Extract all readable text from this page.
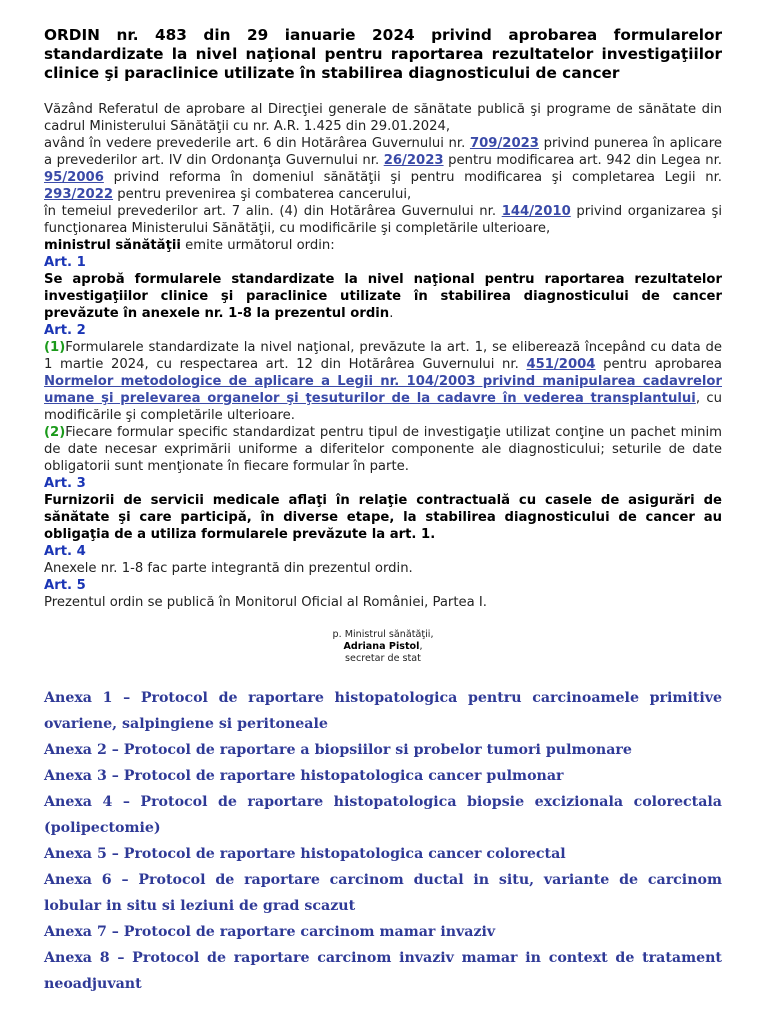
ORDIN nr. 483 din 29 ianuarie 2024 privind aprobarea formularelor standardizate la nivel naţional pentru raportarea rezultatelor investigaţiilor clinice şi paraclinice utilizate în stabilirea diagnosticului de cancer

Văzând Referatul de aprobare al Direcţiei generale de sănătate publică şi programe de sănătate din cadrul Ministerului Sănătăţii cu nr. A.R. 1.425 din 29.01.2024,

având în vedere prevederile art. 6 din Hotărârea Guvernului nr. 709/2023 privind punerea în aplicare a prevederilor art. IV din Ordonanţa Guvernului nr. 26/2023 pentru modificarea art. 942 din Legea nr. 95/2006 privind reforma în domeniul sănătăţii şi pentru modificarea şi completarea Legii nr. 293/2022 pentru prevenirea şi combaterea cancerului,

în temeiul prevederilor art. 7 alin. (4) din Hotărârea Guvernului nr. 144/2010 privind organizarea şi funcţionarea Ministerului Sănătăţii, cu modificările şi completările ulterioare,

ministrul sănătăţii emite următorul ordin:

Art. 1

Se aprobă formularele standardizate la nivel naţional pentru raportarea rezultatelor investigaţiilor clinice şi paraclinice utilizate în stabilirea diagnosticului de cancer prevăzute în anexele nr. 1-8 la prezentul ordin.

Art. 2

(1)Formularele standardizate la nivel naţional, prevăzute la art. 1, se eliberează începând cu data de 1 martie 2024, cu respectarea art. 12 din Hotărârea Guvernului nr. 451/2004 pentru aprobarea Normelor metodologice de aplicare a Legii nr. 104/2003 privind manipularea cadavrelor umane şi prelevarea organelor şi ţesuturilor de la cadavre în vederea transplantului, cu modificările şi completările ulterioare.

(2)Fiecare formular specific standardizat pentru tipul de investigaţie utilizat conţine un pachet minim de date necesar exprimării uniforme a diferitelor componente ale diagnosticului; seturile de date obligatorii sunt menţionate în fiecare formular în parte.

Art. 3

Furnizorii de servicii medicale aflaţi în relaţie contractuală cu casele de asigurări de sănătate şi care participă, în diverse etape, la stabilirea diagnosticului de cancer au obligaţia de a utiliza formularele prevăzute la art. 1.

Art. 4

Anexele nr. 1-8 fac parte integrantă din prezentul ordin.

Art. 5

Prezentul ordin se publică în Monitorul Oficial al României, Partea I.

p. Ministrul sănătăţii,
Adriana Pistol,
secretar de stat

Anexa 1 – Protocol de raportare histopatologica pentru carcinoamele primitive ovariene, salpingiene si peritoneale

Anexa 2 – Protocol de raportare a biopsiilor si probelor tumori pulmonare

Anexa 3 – Protocol de raportare histopatologica cancer pulmonar

Anexa 4 – Protocol de raportare histopatologica biopsie excizionala colorectala (polipectomie)

Anexa 5 – Protocol de raportare histopatologica cancer colorectal

Anexa 6 – Protocol de raportare carcinom ductal in situ, variante de carcinom lobular in situ si leziuni de grad scazut

Anexa 7 – Protocol de raportare carcinom mamar invaziv

Anexa 8 – Protocol de raportare carcinom invaziv mamar in context de tratament neoadjuvant
